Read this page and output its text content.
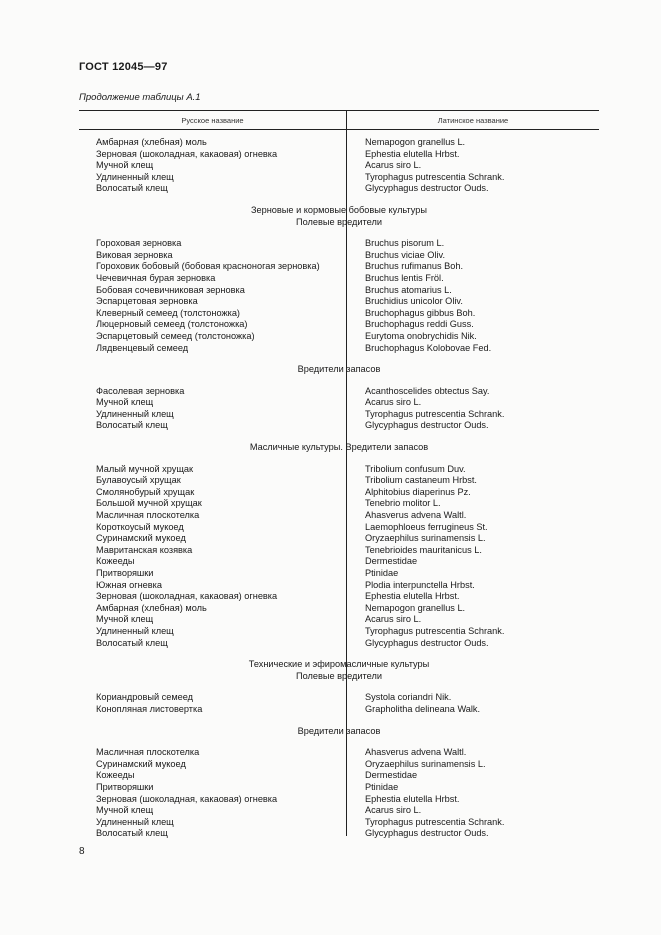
ГОСТ 12045—97
Продолжение таблицы А.1
Русское название	Латинское название
Амбарная (хлебная) моль	Nemapogon granellus L.
Зерновая (шоколадная, какаовая) огневка	Ephestia elutella Hrbst.
Мучной клещ	Acarus siro L.
Удлиненный клещ	Tyrophagus putrescentia Schrank.
Волосатый клещ	Glycyphagus destructor Ouds.
Зерновые и кормовые бобовые культуры
Полевые вредители
Гороховая зерновка	Bruchus pisorum L.
Виковая зерновка	Bruchus viciae Oliv.
Гороховик бобовый (бобовая красноногая зерновка)	Bruchus rufimanus Boh.
Чечевичная бурая зерновка	Bruchus lentis Fröl.
Бобовая сочевичниковая зерновка	Bruchus atomarius L.
Эспарцетовая зерновка	Bruchidius unicolor Oliv.
Клеверный семеед (толстоножка)	Bruchophagus gibbus Boh.
Люцерновый семеед (толстоножка)	Bruchophagus reddi Guss.
Эспарцетовый семеед (толстоножка)	Eurytoma onobrychidis Nik.
Лядвенцевый семеед	Bruchophagus Kolobovae Fed.
Вредители запасов
Фасолевая зерновка	Acanthoscelides obtectus Say.
Мучной клещ	Acarus siro L.
Удлиненный клещ	Tyrophagus putrescentia Schrank.
Волосатый клещ	Glycyphagus destructor Ouds.
Масличные культуры. Вредители запасов
Малый мучной хрущак	Tribolium confusum Duv.
Булавоусый хрущак	Tribolium castaneum Hrbst.
Смолянобурый хрущак	Alphitobius diaperinus Pz.
Большой мучной хрущак	Tenebrio molitor L.
Масличная плоскотелка	Ahasverus advena Waltl.
Короткоусый мукоед	Laemophloeus ferrugineus St.
Суринамский мукоед	Oryzaephilus surinamensis L.
Мавританская козявка	Tenebrioides mauritanicus L.
Кожееды	Dermestidae
Притворяшки	Ptinidae
Южная огневка	Plodia interpunctella Hrbst.
Зерновая (шоколадная, какаовая) огневка	Ephestia elutella Hrbst.
Амбарная (хлебная) моль	Nemapogon granellus L.
Мучной клещ	Acarus siro L.
Удлиненный клещ	Tyrophagus putrescentia Schrank.
Волосатый клещ	Glycyphagus destructor Ouds.
Технические и эфиромасличные культуры
Полевые вредители
Кориандровый семеед	Systola coriandri Nik.
Конопляная листовертка	Grapholitha delineana Walk.
Вредители запасов
Масличная плоскотелка	Ahasverus advena Waltl.
Суринамский мукоед	Oryzaephilus surinamensis L.
Кожееды	Dermestidae
Притворяшки	Ptinidae
Зерновая (шоколадная, какаовая) огневка	Ephestia elutella Hrbst.
Мучной клещ	Acarus siro L.
Удлиненный клещ	Tyrophagus putrescentia Schrank.
Волосатый клещ	Glycyphagus destructor Ouds.
8
